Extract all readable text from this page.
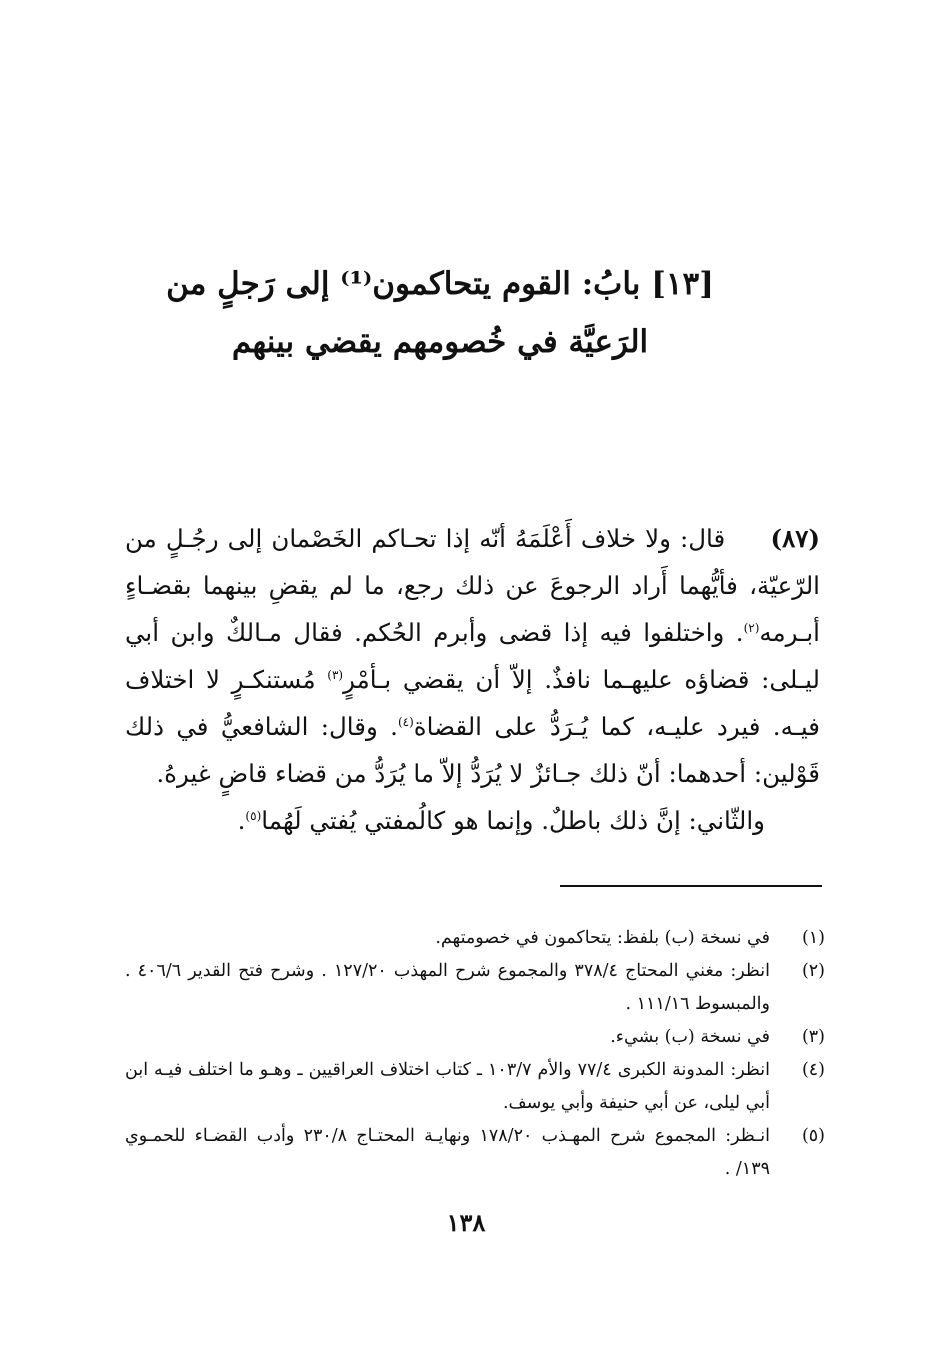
[١٣] بابُ: القوم يتحاكمون⁽¹⁾ إلى رَجلٍ من
الرَعيَّة في خُصومهم يقضي بينهم

(٨٧)     قال: ولا خلاف أَعْلَمَهُ أنّه إذا تحـاكم الخَصْمان إلى رجُـلٍ من الرّعيّة، فأيُّهما أَراد الرجوعَ عن ذلك رجع، ما لم يقضِ بينهما بقضـاءٍ أبـرمه$^{(٢)}$. واختلفوا فيه إذا قضى وأبرم الحُكم. فقال مـالكٌ وابن أبي ليـلى: قضاؤه عليهـما نافذٌ. إلاّ أن يقضي بـأمْرٍ$^{(٣)}$ مُستنكـرٍ لا اختلاف فيـه. فيرد عليـه، كما يُـرَدُّ على القضاة$^{(٤)}$. وقال: الشافعيُّ في ذلك قَوْلين: أحدهما: أنّ ذلك جـائزٌ لا يُرَدُّ إلاّ ما يُرَدُّ من قضاء قاضٍ غيرهُ.

والثّاني: إنَّ ذلك باطلٌ. وإنما هو كالُمفتي يُفتي لَهُما$^{(٥)}$.

(١)
في نسخة (ب) بلفظ: يتحاكمون في خصومتهم.
(٢)
انظر: مغني المحتاج ٣٧٨/٤ والمجموع شرح المهذب ١٢٧/٢٠ . وشرح فتح القدير ٤٠٦/٦ . والمبسوط ١١١/١٦ .
(٣)
في نسخة (ب) بشيء.
(٤)
انظر: المدونة الكبرى ٧٧/٤ والأم ١٠٣/٧ ـ كتاب اختلاف العراقيين ـ وهـو ما اختلف فيـه ابن أبي ليلى، عن أبي حنيفة وأبي يوسف.
(٥)
انـظر: المجموع شرح المهـذب ١٧٨/٢٠ ونهايـة المحتـاج ٢٣٠/٨ وأدب القضـاء للحمـوي ١٣٩/ .
١٣٨
